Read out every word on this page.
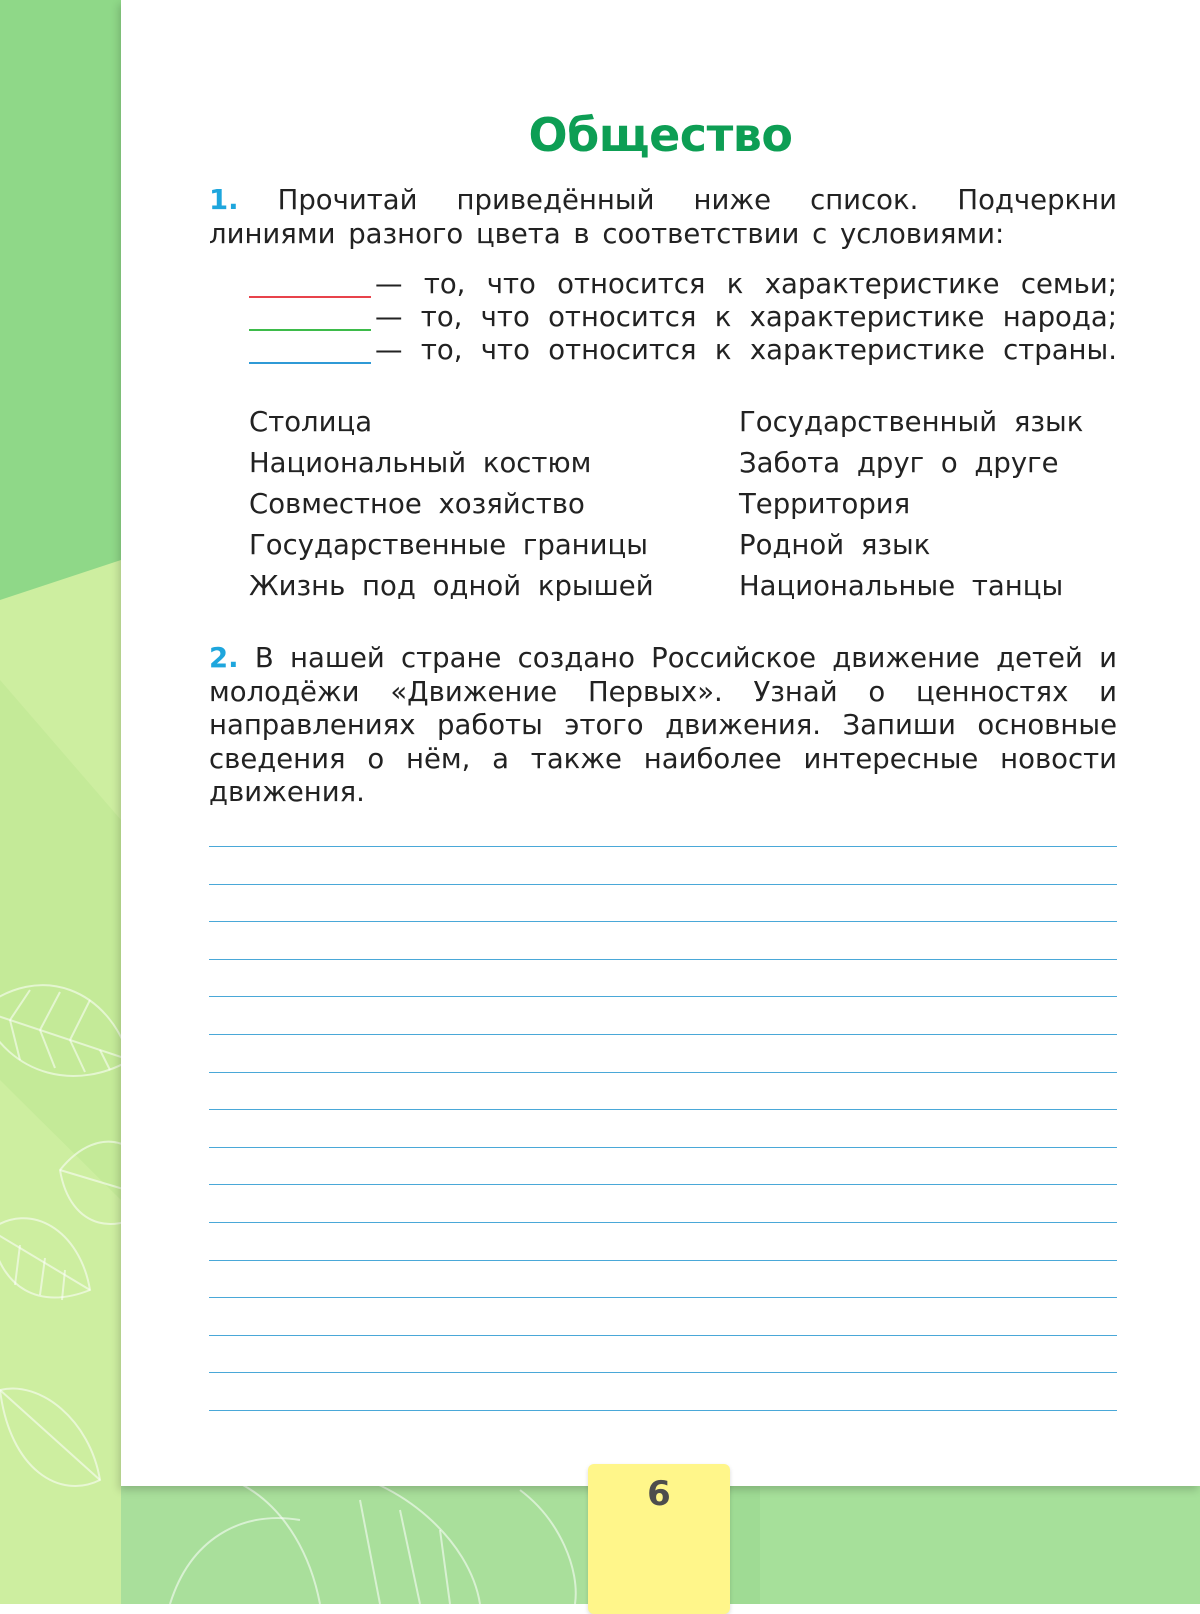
Общество
1. Прочитай приведённый ниже список. Подчеркни линиями разного цвета в соответствии с условиями:
— то, что относится к характеристике семьи;
— то, что относится к характеристике народа;
— то, что относится к характеристике страны.
Столица
Национальный костюм
Совместное хозяйство
Государственные границы
Жизнь под одной крышей
Государственный язык
Забота друг о друге
Территория
Родной язык
Национальные танцы
2. В нашей стране создано Российское движение детей и молодёжи «Движение Первых». Узнай о ценностях и направлениях работы этого движения. Запиши основные сведения о нём, а также наиболее интересные новости движения.
6
